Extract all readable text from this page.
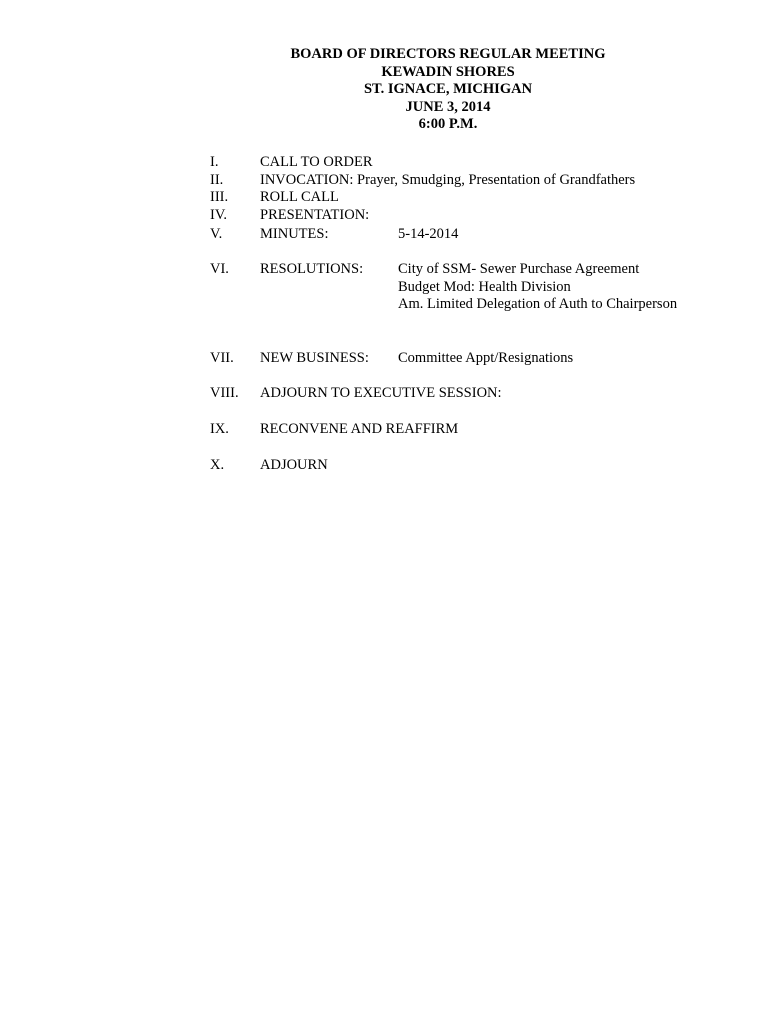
BOARD OF DIRECTORS REGULAR MEETING
KEWADIN SHORES
ST. IGNACE, MICHIGAN
JUNE 3, 2014
6:00 P.M.
I.	CALL TO ORDER
II.	INVOCATION: Prayer, Smudging, Presentation of Grandfathers
III. ROLL CALL
IV. PRESENTATION:
V.	MINUTES:	5-14-2014
VI. RESOLUTIONS: City of SSM- Sewer Purchase Agreement
Budget Mod: Health Division
Am. Limited Delegation of Auth to Chairperson
VII. NEW BUSINESS: Committee Appt/Resignations
VIII. ADJOURN TO EXECUTIVE SESSION:
IX. RECONVENE AND REAFFIRM
X. ADJOURN
